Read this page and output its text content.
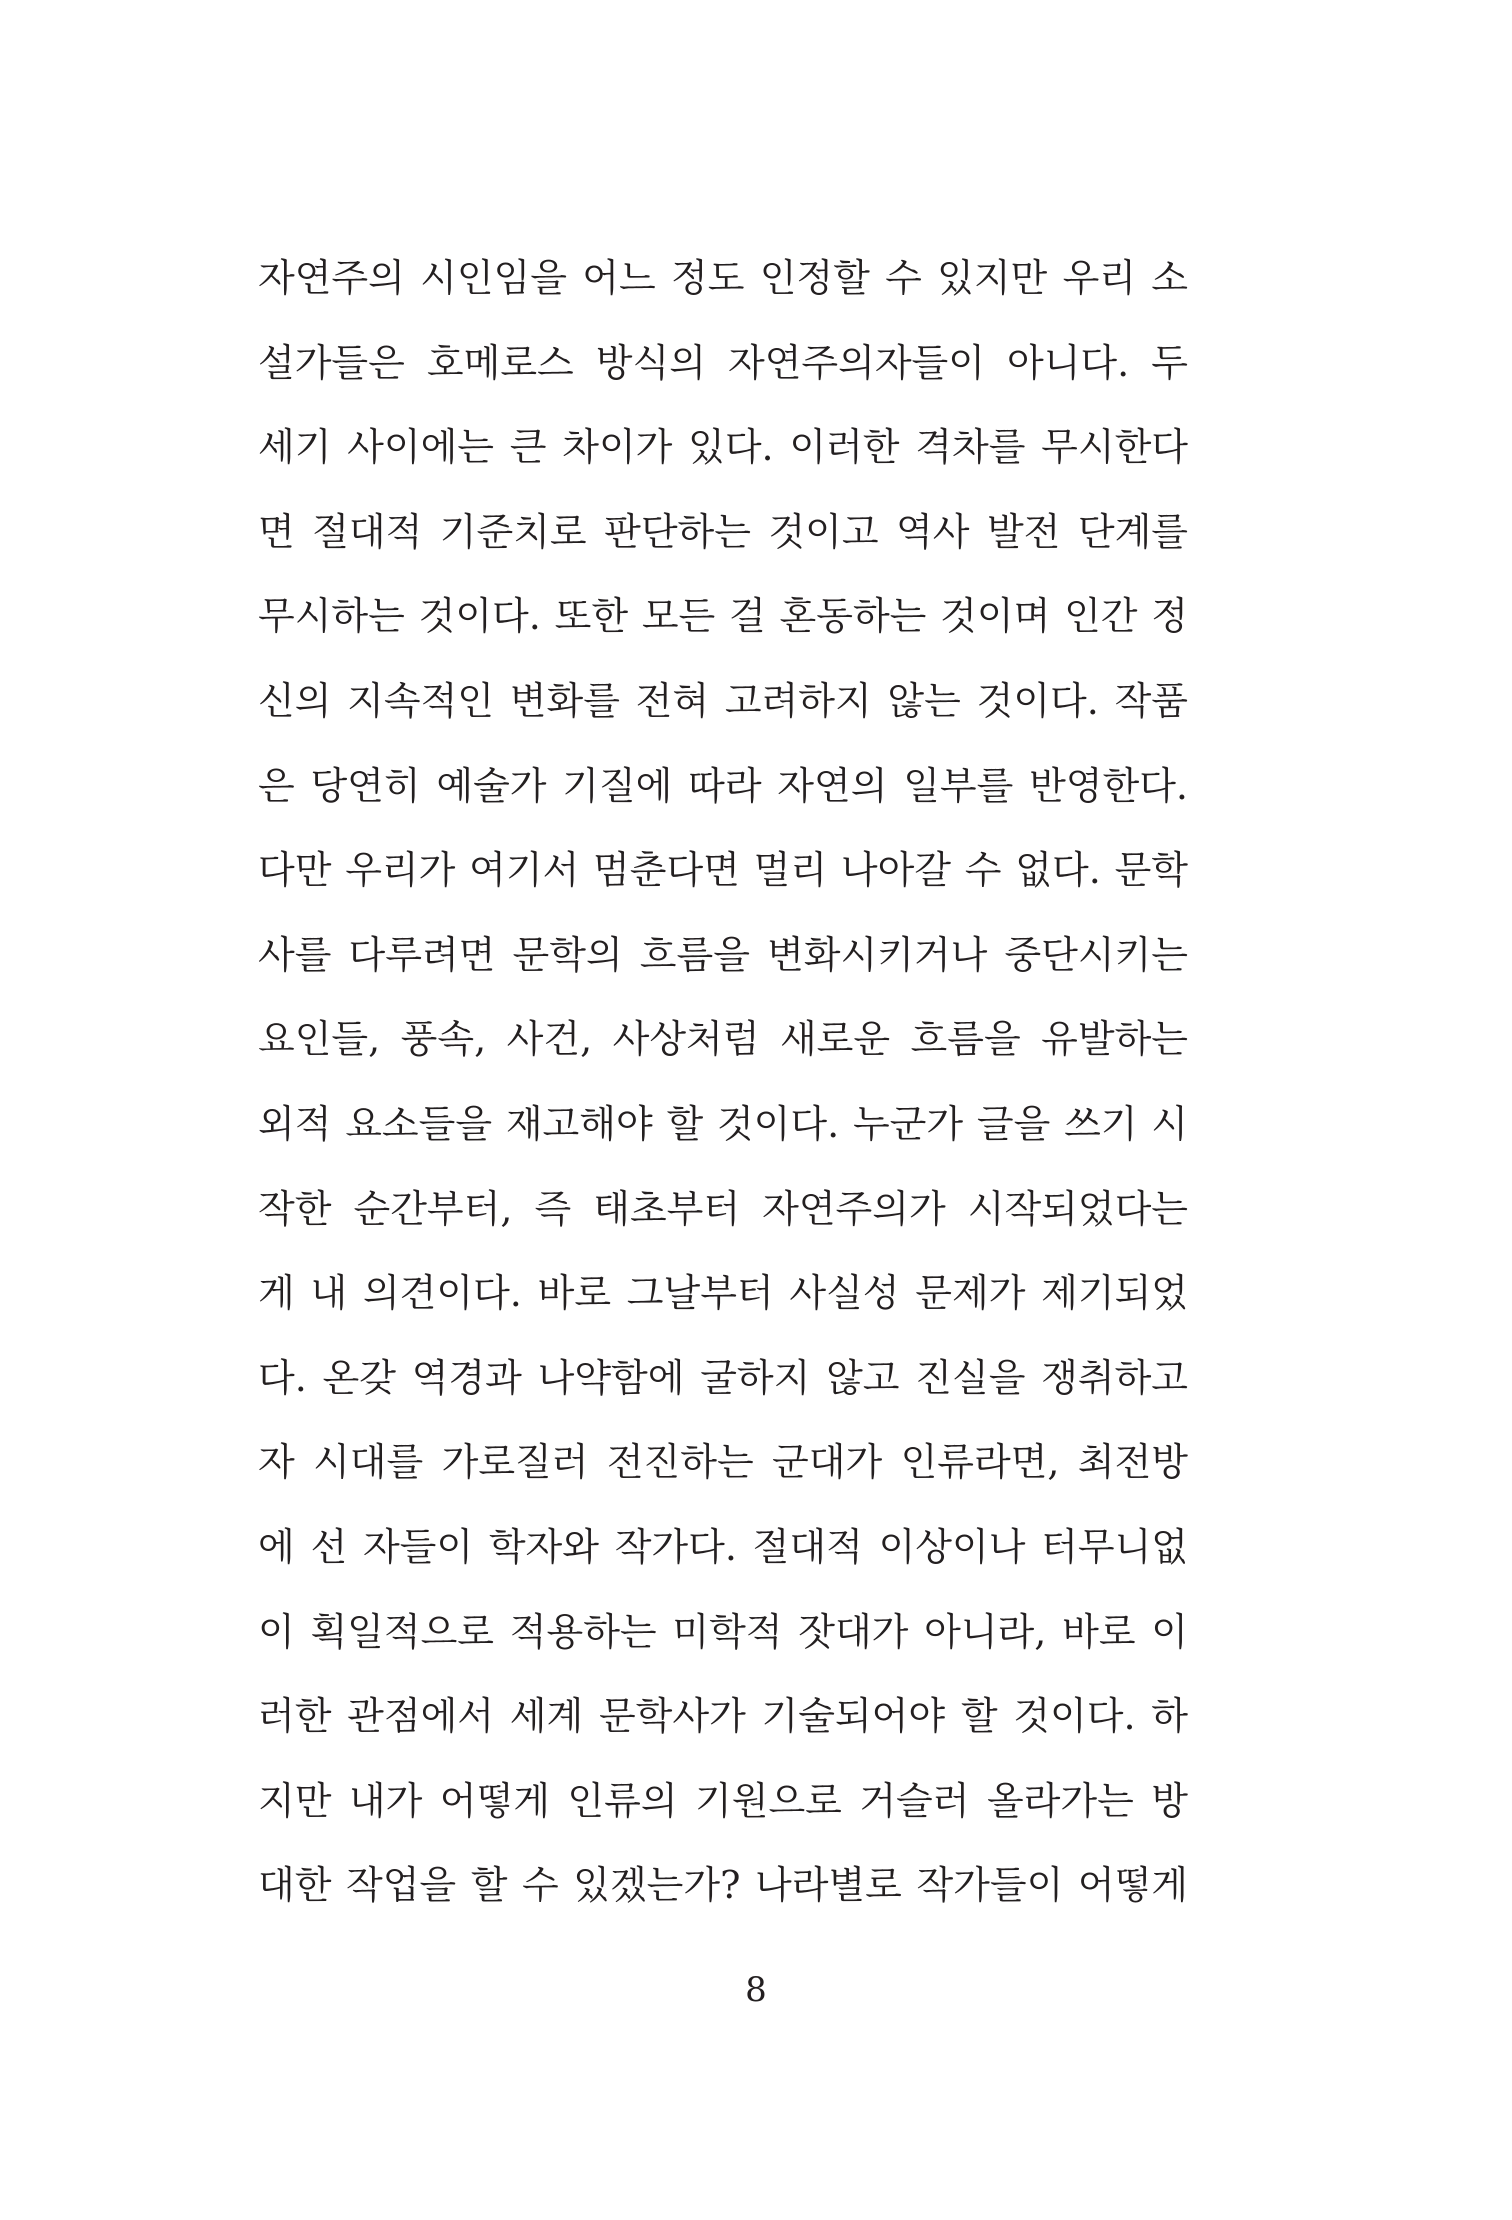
자연주의 시인임을 어느 정도 인정할 수 있지만 우리 소
설가들은 호메로스 방식의 자연주의자들이 아니다. 두
세기 사이에는 큰 차이가 있다. 이러한 격차를 무시한다
면 절대적 기준치로 판단하는 것이고 역사 발전 단계를
무시하는 것이다. 또한 모든 걸 혼동하는 것이며 인간 정
신의 지속적인 변화를 전혀 고려하지 않는 것이다. 작품
은 당연히 예술가 기질에 따라 자연의 일부를 반영한다.
다만 우리가 여기서 멈춘다면 멀리 나아갈 수 없다. 문학
사를 다루려면 문학의 흐름을 변화시키거나 중단시키는
요인들, 풍속, 사건, 사상처럼 새로운 흐름을 유발하는
외적 요소들을 재고해야 할 것이다. 누군가 글을 쓰기 시
작한 순간부터, 즉 태초부터 자연주의가 시작되었다는
게 내 의견이다. 바로 그날부터 사실성 문제가 제기되었
다. 온갖 역경과 나약함에 굴하지 않고 진실을 쟁취하고
자 시대를 가로질러 전진하는 군대가 인류라면, 최전방
에 선 자들이 학자와 작가다. 절대적 이상이나 터무니없
이 획일적으로 적용하는 미학적 잣대가 아니라, 바로 이
러한 관점에서 세계 문학사가 기술되어야 할 것이다. 하
지만 내가 어떻게 인류의 기원으로 거슬러 올라가는 방
대한 작업을 할 수 있겠는가? 나라별로 작가들이 어떻게
8
